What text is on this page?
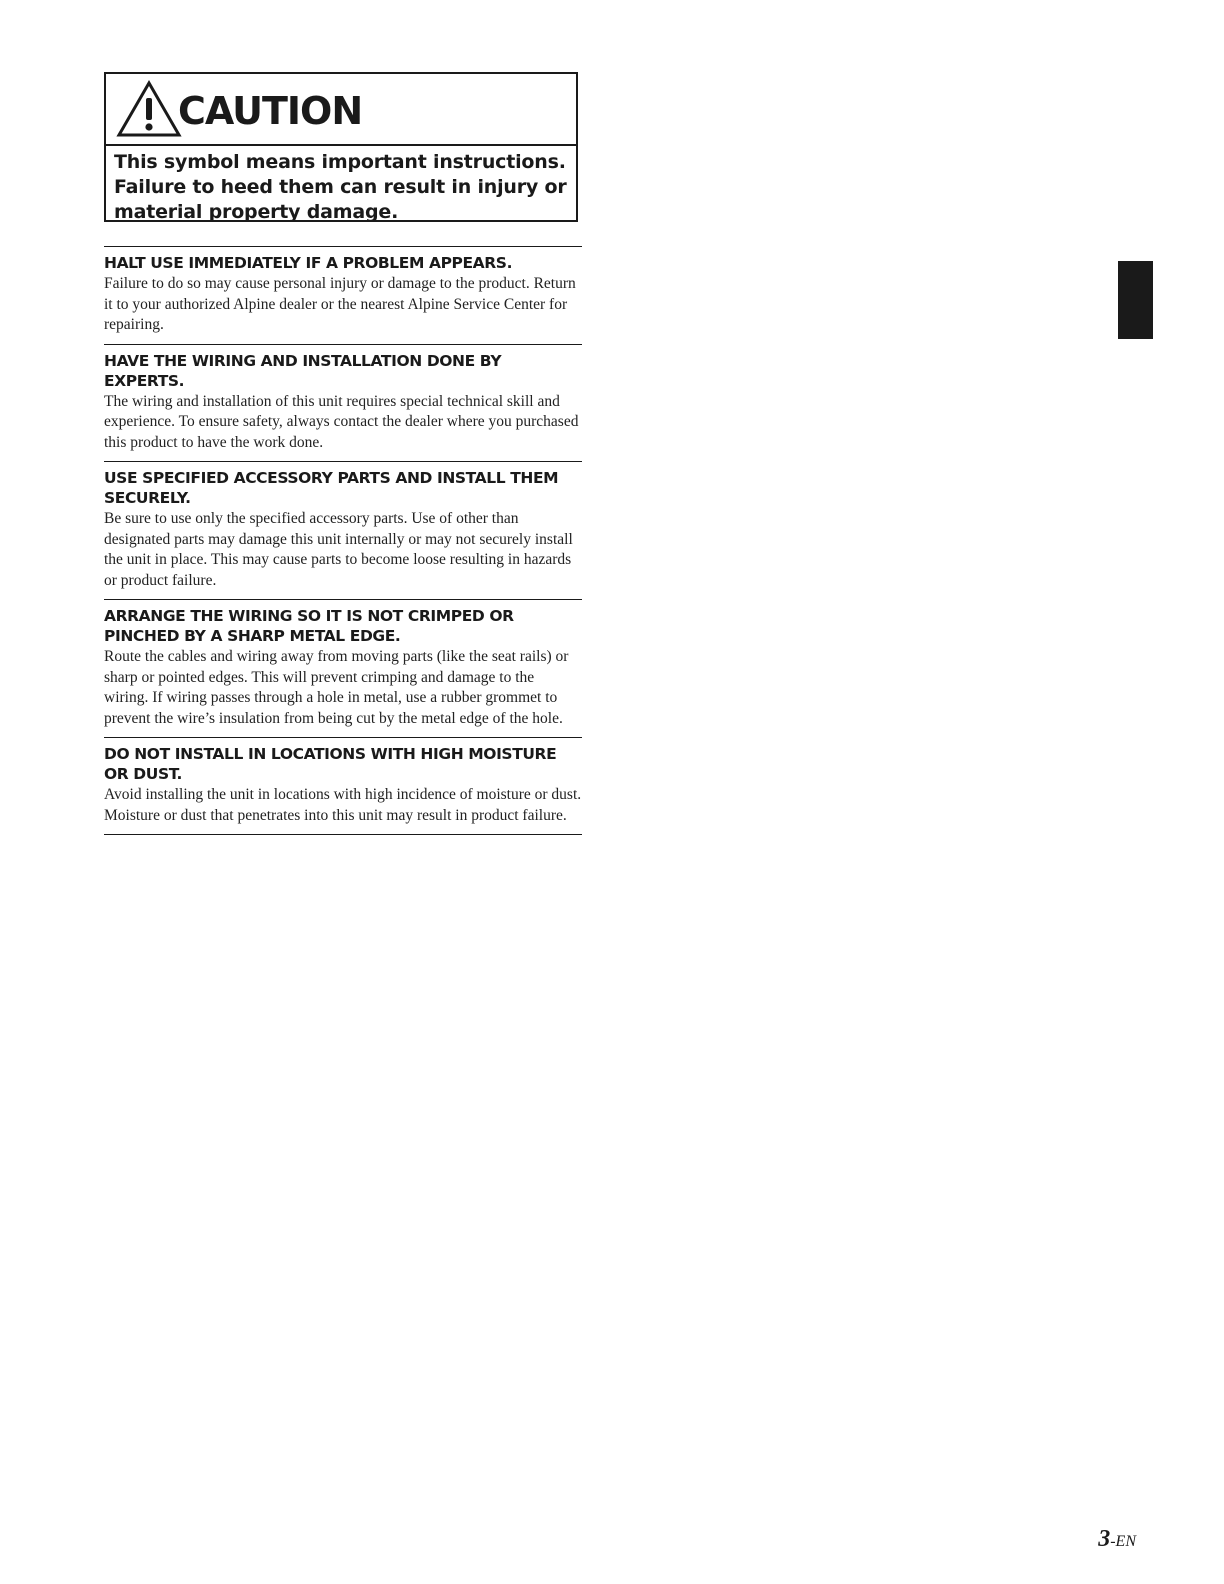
CAUTION
This symbol means important instructions. Failure to heed them can result in injury or material property damage.

HALT USE IMMEDIATELY IF A PROBLEM APPEARS.

Failure to do so may cause personal injury or damage to the product. Return it to your authorized Alpine dealer or the nearest Alpine Service Center for repairing.

HAVE THE WIRING AND INSTALLATION DONE BY EXPERTS.

The wiring and installation of this unit requires special technical skill and experience. To ensure safety, always contact the dealer where you purchased this product to have the work done.

USE SPECIFIED ACCESSORY PARTS AND INSTALL THEM SECURELY.

Be sure to use only the specified accessory parts. Use of other than designated parts may damage this unit internally or may not securely install the unit in place. This may cause parts to become loose resulting in hazards or product failure.

ARRANGE THE WIRING SO IT IS NOT CRIMPED OR PINCHED BY A SHARP METAL EDGE.

Route the cables and wiring away from moving parts (like the seat rails) or sharp or pointed edges. This will prevent crimping and damage to the wiring. If wiring passes through a hole in metal, use a rubber grommet to prevent the wire’s insulation from being cut by the metal edge of the hole.

DO NOT INSTALL IN LOCATIONS WITH HIGH MOISTURE OR DUST.

Avoid installing the unit in locations with high incidence of moisture or dust. Moisture or dust that penetrates into this unit may result in product failure.

3-EN
